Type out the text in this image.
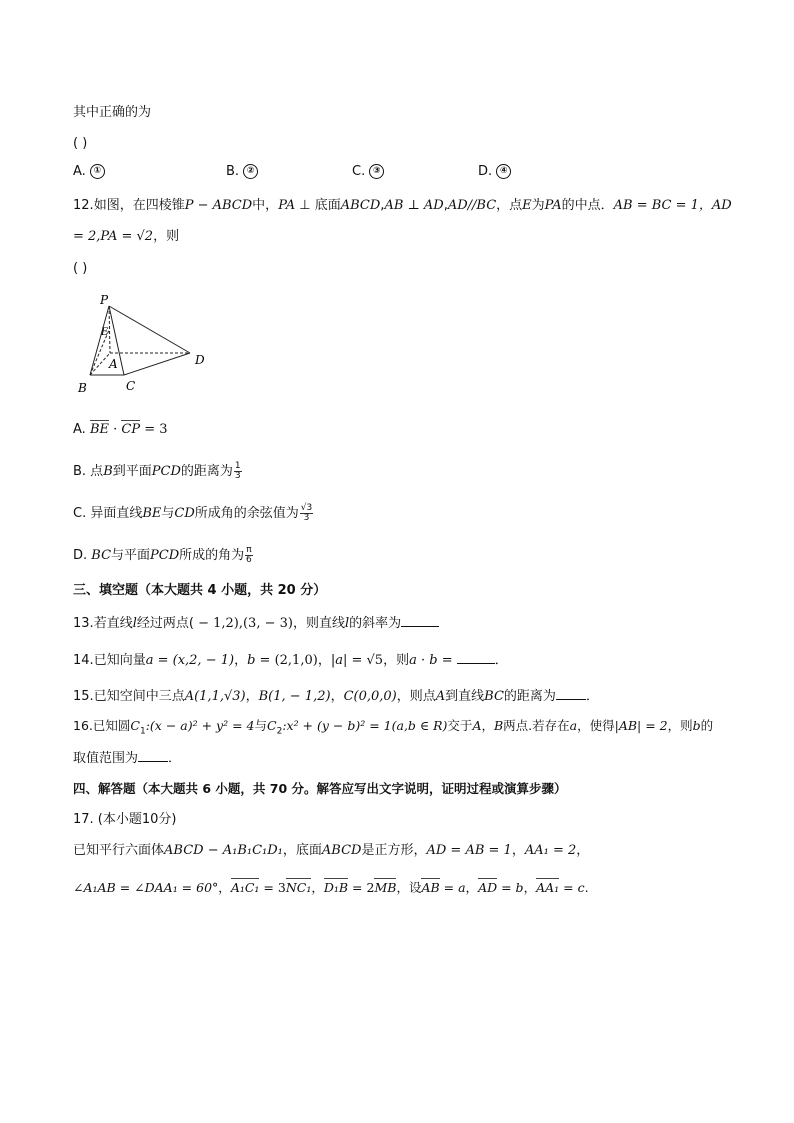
其中正确的为
( )
A. ①	B. ②	C. ③	D. ④
12.如图，在四棱锥P − ABCD中，PA ⊥ 底面ABCD,AB ⊥ AD,AD//BC，点E为PA的中点．AB = BC = 1，AD
= 2,PA = √2，则
( )
P
E
A
B	C
D
A. BE · CP = 3
B. 点B到平面PCD的距离为 $\frac{1}{3}$
C. 异面直线BE与CD所成角的余弦值为 $\frac{√3}{3}$
D. BC与平面PCD所成的角为 $\frac{\pi}{6}$
三、填空题（本大题共 4 小题，共 20 分）
13.若直线l经过两点( − 1,2),(3, − 3)，则直线l的斜率为
14.已知向量a = (x,2, − 1)，b = (2,1,0)，|a| = √5，则a · b =	．
15.已知空间中三点A(1,1,√3)，B(1, − 1,2)，C(0,0,0)，则点A到直线BC的距离为 ．
16.已知圆$C_1:(x - a)^2 + y^2 = 4$与$C_2:x^2 + (y - b)^2 = 1(a,b$ ∈ R)交于A，B两点.若存在a，使得|AB| = 2，则b的
取值范围为 ．
四、解答题（本大题共 6 小题，共 70 分。解答应写出文字说明，证明过程或演算步骤）
17. (本小题10分)
已知平行六面体ABCD − A₁B₁C₁D₁，底面ABCD是正方形，AD = AB = 1，AA₁ = 2，
∠A₁AB = ∠DAA₁ = 60°，A₁C₁ = 3NC₁，D₁B = 2MB，设AB = a，AD = b，AA₁ = c.
